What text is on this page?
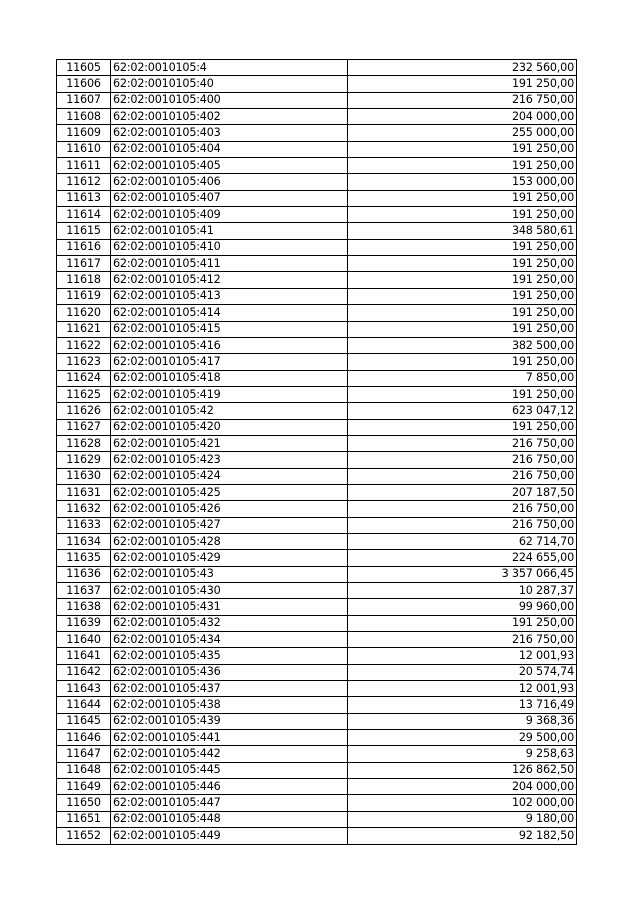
11605	62:02:0010105:4	232 560,00
11606	62:02:0010105:40	191 250,00
11607	62:02:0010105:400	216 750,00
11608	62:02:0010105:402	204 000,00
11609	62:02:0010105:403	255 000,00
11610	62:02:0010105:404	191 250,00
11611	62:02:0010105:405	191 250,00
11612	62:02:0010105:406	153 000,00
11613	62:02:0010105:407	191 250,00
11614	62:02:0010105:409	191 250,00
11615	62:02:0010105:41	348 580,61
11616	62:02:0010105:410	191 250,00
11617	62:02:0010105:411	191 250,00
11618	62:02:0010105:412	191 250,00
11619	62:02:0010105:413	191 250,00
11620	62:02:0010105:414	191 250,00
11621	62:02:0010105:415	191 250,00
11622	62:02:0010105:416	382 500,00
11623	62:02:0010105:417	191 250,00
11624	62:02:0010105:418	7 850,00
11625	62:02:0010105:419	191 250,00
11626	62:02:0010105:42	623 047,12
11627	62:02:0010105:420	191 250,00
11628	62:02:0010105:421	216 750,00
11629	62:02:0010105:423	216 750,00
11630	62:02:0010105:424	216 750,00
11631	62:02:0010105:425	207 187,50
11632	62:02:0010105:426	216 750,00
11633	62:02:0010105:427	216 750,00
11634	62:02:0010105:428	62 714,70
11635	62:02:0010105:429	224 655,00
11636	62:02:0010105:43	3 357 066,45
11637	62:02:0010105:430	10 287,37
11638	62:02:0010105:431	99 960,00
11639	62:02:0010105:432	191 250,00
11640	62:02:0010105:434	216 750,00
11641	62:02:0010105:435	12 001,93
11642	62:02:0010105:436	20 574,74
11643	62:02:0010105:437	12 001,93
11644	62:02:0010105:438	13 716,49
11645	62:02:0010105:439	9 368,36
11646	62:02:0010105:441	29 500,00
11647	62:02:0010105:442	9 258,63
11648	62:02:0010105:445	126 862,50
11649	62:02:0010105:446	204 000,00
11650	62:02:0010105:447	102 000,00
11651	62:02:0010105:448	9 180,00
11652	62:02:0010105:449	92 182,50
